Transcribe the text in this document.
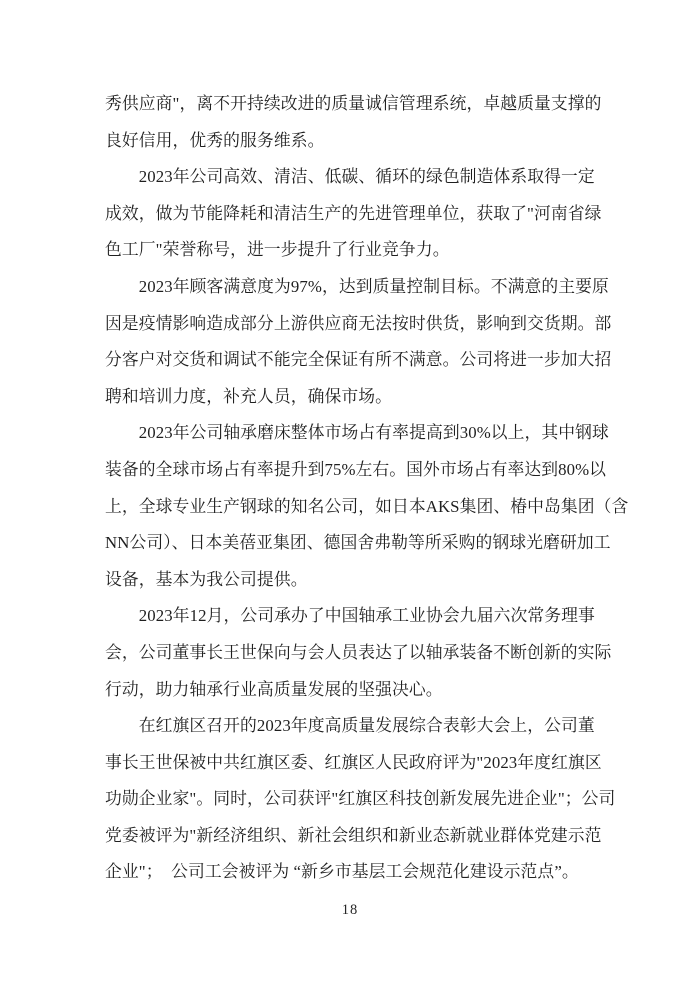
秀供应商"，离不开持续改进的质量诚信管理系统，卓越质量支撑的
良好信用，优秀的服务维系。
　　2023年公司高效、清洁、低碳、循环的绿色制造体系取得一定
成效，做为节能降耗和清洁生产的先进管理单位，获取了"河南省绿
色工厂"荣誉称号，进一步提升了行业竞争力。
　　2023年顾客满意度为97%，达到质量控制目标。不满意的主要原
因是疫情影响造成部分上游供应商无法按时供货，影响到交货期。部
分客户对交货和调试不能完全保证有所不满意。公司将进一步加大招
聘和培训力度，补充人员，确保市场。
　　2023年公司轴承磨床整体市场占有率提高到30%以上，其中钢球
装备的全球市场占有率提升到75%左右。国外市场占有率达到80%以
上，全球专业生产钢球的知名公司，如日本AKS集团、椿中岛集团（含
NN公司）、日本美蓓亚集团、德国舍弗勒等所采购的钢球光磨研加工
设备，基本为我公司提供。
　　2023年12月，公司承办了中国轴承工业协会九届六次常务理事
会，公司董事长王世保向与会人员表达了以轴承装备不断创新的实际
行动，助力轴承行业高质量发展的坚强决心。
　　在红旗区召开的2023年度高质量发展综合表彰大会上，公司董
事长王世保被中共红旗区委、红旗区人民政府评为"2023年度红旗区
功勋企业家"。同时，公司获评"红旗区科技创新发展先进企业"；公司
党委被评为"新经济组织、新社会组织和新业态新就业群体党建示范
企业"；　公司工会被评为 “新乡市基层工会规范化建设示范点”。
18
